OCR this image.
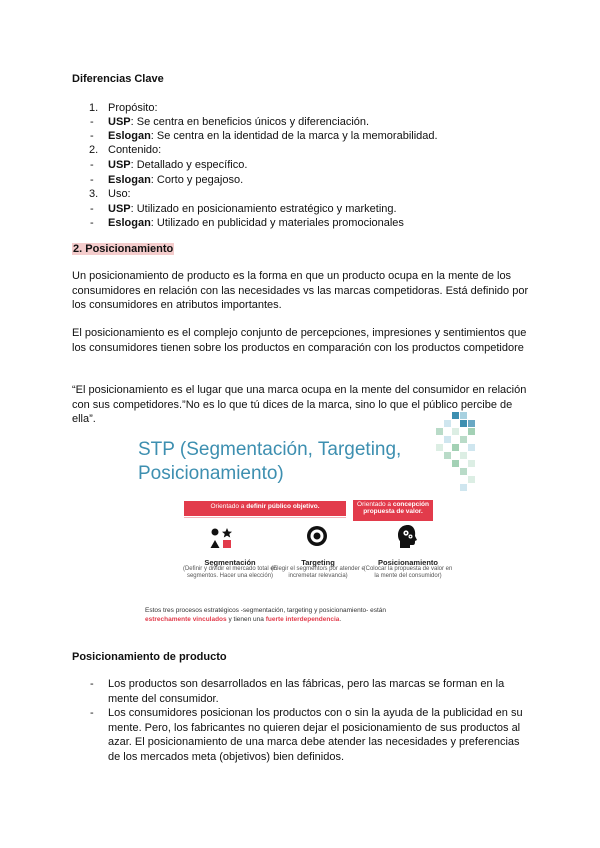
Diferencias Clave
1. Propósito:
- USP: Se centra en beneficios únicos y diferenciación.
- Eslogan: Se centra en la identidad de la marca y la memorabilidad.
2. Contenido:
- USP: Detallado y específico.
- Eslogan: Corto y pegajoso.
3. Uso:
- USP: Utilizado en posicionamiento estratégico y marketing.
- Eslogan: Utilizado en publicidad y materiales promocionales
2. Posicionamiento
Un posicionamiento de producto es la forma en que un producto ocupa en la mente de los consumidores en relación con las necesidades vs las marcas competidoras. Está definido por los consumidores en atributos importantes.
El posicionamiento es el complejo conjunto de percepciones, impresiones y sentimientos que los consumidores tienen sobre los productos en comparación con los productos competidore
“El posicionamiento es el lugar que una marca ocupa en la mente del consumidor en relación con sus competidores.”No es lo que tú dices de la marca, sino lo que el público percibe de ella”.
STP (Segmentación, Targeting, Posicionamiento)
Orientado a definir público objetivo.	Orientado a concepción propuesta de valor.
Segmentación
(Definir y dividir el mercado total en segmentos. Hacer una elección)
Targeting
(Elegir el segmento/s por atender e incremetar relevancia)
Posicionamiento
(Colocar la propuesta de valor en la mente del consumidor)
Estos tres procesos estratégicos -segmentación, targeting y posicionamiento- están
estrechamente vinculados y tienen una fuerte interdependencia.
Posicionamiento de producto
- Los productos son desarrollados en las fábricas, pero las marcas se forman en la mente del consumidor.
- Los consumidores posicionan los productos con o sin la ayuda de la publicidad en su mente. Pero, los fabricantes no quieren dejar el posicionamiento de sus productos al azar. El posicionamiento de una marca debe atender las necesidades y preferencias de los mercados meta (objetivos) bien definidos.
